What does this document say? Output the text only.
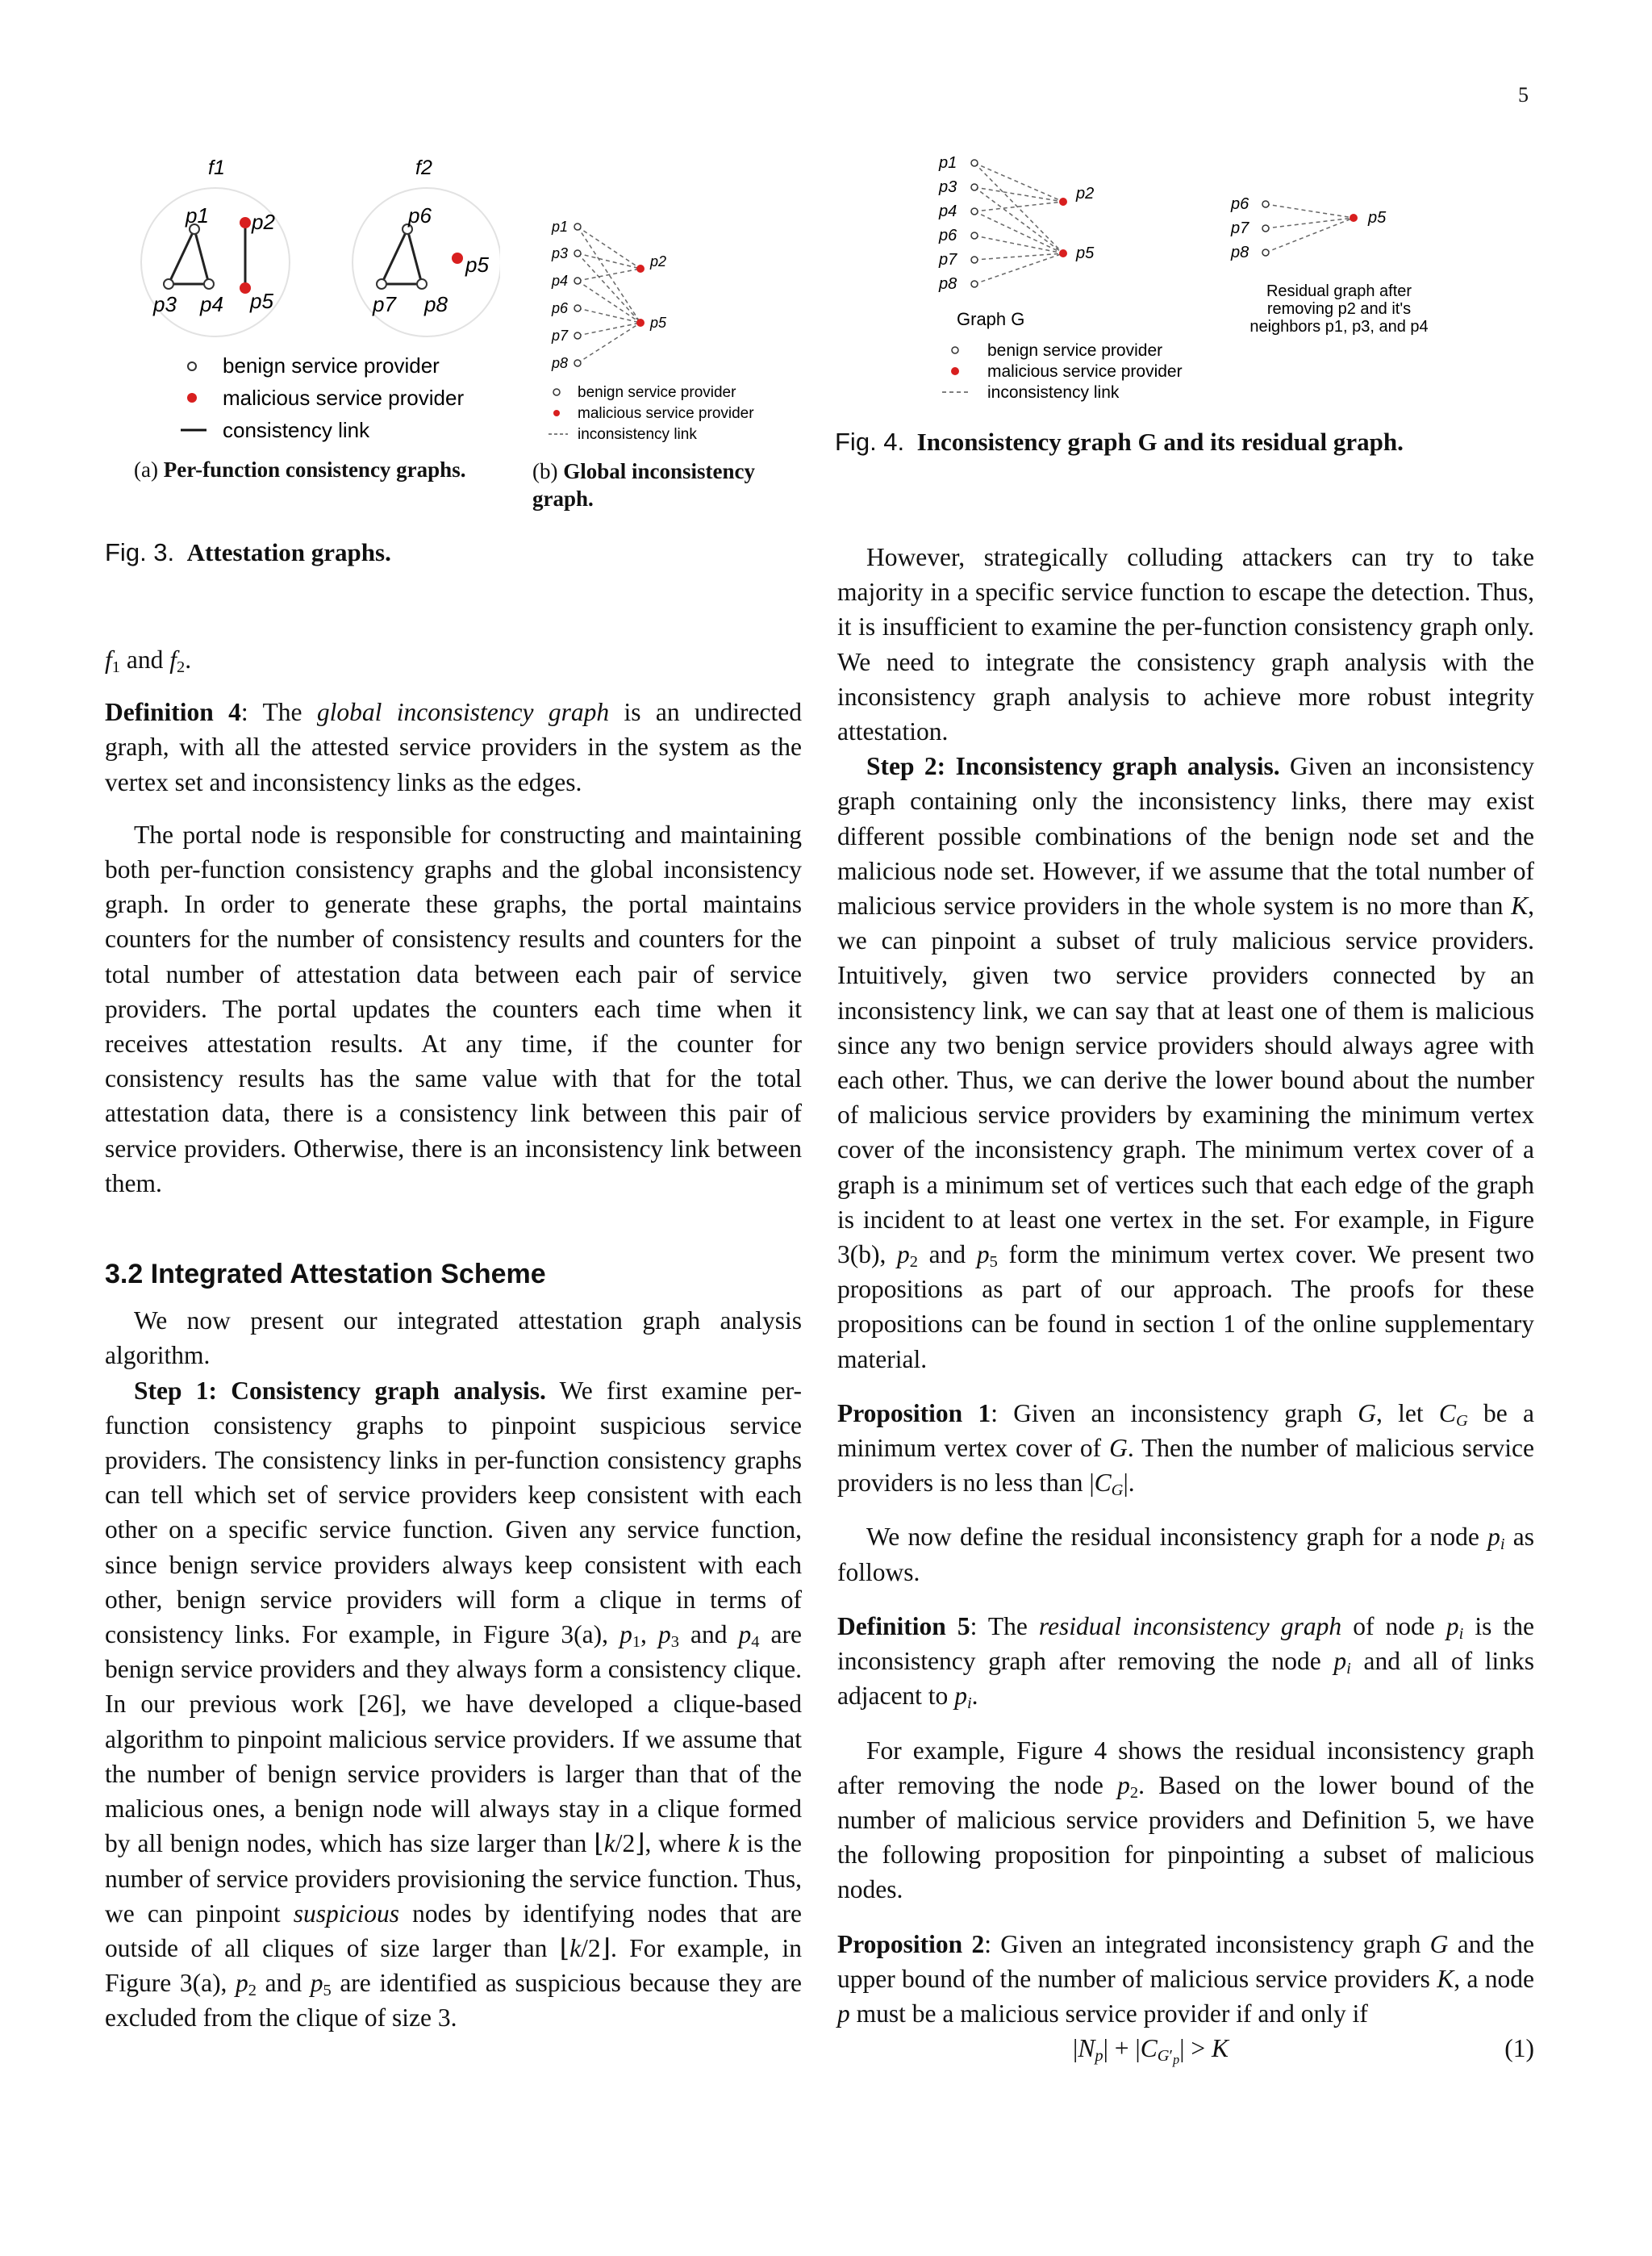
5
f1	f2
p1 p2
p3 p4 p5
p6
p7 p8
p5
benign service provider
malicious service provider
consistency link
(a) Per-function consistency graphs.
p1
p3
p4
p6
p7
p8
p2
p5
benign service provider
malicious service provider
inconsistency link
(b) Global inconsistency graph.
Fig. 3. Attestation graphs.
p1
p3
p4
p6
p7
p8
p2
p5
p6
p7
p8
p5
Graph G
Residual graph after
removing p2 and it's
neighbors p1, p3, and p4
benign service provider
malicious service provider
inconsistency link
Fig. 4. Inconsistency graph G and its residual graph.

$f_1$ and $f_2$.

Definition 4: The global inconsistency graph is an undirected graph, with all the attested service providers in the system as the vertex set and inconsistency links as the edges.

The portal node is responsible for constructing and maintaining both per-function consistency graphs and the global inconsistency graph. In order to generate these graphs, the portal maintains counters for the number of consistency results and counters for the total number of attestation data between each pair of service providers. The portal updates the counters each time when it receives attestation results. At any time, if the counter for consistency results has the same value with that for the total attestation data, there is a consistency link between this pair of service providers. Otherwise, there is an inconsistency link between them.

3.2 Integrated Attestation Scheme

We now present our integrated attestation graph analysis algorithm.

Step 1: Consistency graph analysis. We first examine per-function consistency graphs to pinpoint suspicious service providers. The consistency links in per-function consistency graphs can tell which set of service providers keep consistent with each other on a specific service function. Given any service function, since benign service providers always keep consistent with each other, benign service providers will form a clique in terms of consistency links. For example, in Figure 3(a), $p_1$, $p_3$ and $p_4$ are benign service providers and they always form a consistency clique. In our previous work [26], we have developed a clique-based algorithm to pinpoint malicious service providers. If we assume that the number of benign service providers is larger than that of the malicious ones, a benign node will always stay in a clique formed by all benign nodes, which has size larger than ⌊k/2⌋, where k is the number of service providers provisioning the service function. Thus, we can pinpoint suspicious nodes by identifying nodes that are outside of all cliques of size larger than ⌊k/2⌋. For example, in Figure 3(a), $p_2$ and $p_5$ are identified as suspicious because they are excluded from the clique of size 3.

However, strategically colluding attackers can try to take majority in a specific service function to escape the detection. Thus, it is insufficient to examine the per-function consistency graph only. We need to integrate the consistency graph analysis with the inconsistency graph analysis to achieve more robust integrity attestation.

Step 2: Inconsistency graph analysis. Given an inconsistency graph containing only the inconsistency links, there may exist different possible combinations of the benign node set and the malicious node set. However, if we assume that the total number of malicious service providers in the whole system is no more than K, we can pinpoint a subset of truly malicious service providers. Intuitively, given two service providers connected by an inconsistency link, we can say that at least one of them is malicious since any two benign service providers should always agree with each other. Thus, we can derive the lower bound about the number of malicious service providers by examining the minimum vertex cover of the inconsistency graph. The minimum vertex cover of a graph is a minimum set of vertices such that each edge of the graph is incident to at least one vertex in the set. For example, in Figure 3(b), $p_2$ and $p_5$ form the minimum vertex cover. We present two propositions as part of our approach. The proofs for these propositions can be found in section 1 of the online supplementary material.

Proposition 1: Given an inconsistency graph G, let $C_G$ be a minimum vertex cover of G. Then the number of malicious service providers is no less than $|C_G|$.

We now define the residual inconsistency graph for a node $p_i$ as follows.

Definition 5: The residual inconsistency graph of node $p_i$ is the inconsistency graph after removing the node $p_i$ and all of links adjacent to $p_i$.

For example, Figure 4 shows the residual inconsistency graph after removing the node $p_2$. Based on the lower bound of the number of malicious service providers and Definition 5, we have the following proposition for pinpointing a subset of malicious nodes.

Proposition 2: Given an integrated inconsistency graph G and the upper bound of the number of malicious service providers K, a node p must be a malicious service provider if and only if

$|N_p| + |C_{G'_p}| > K$	(1)
